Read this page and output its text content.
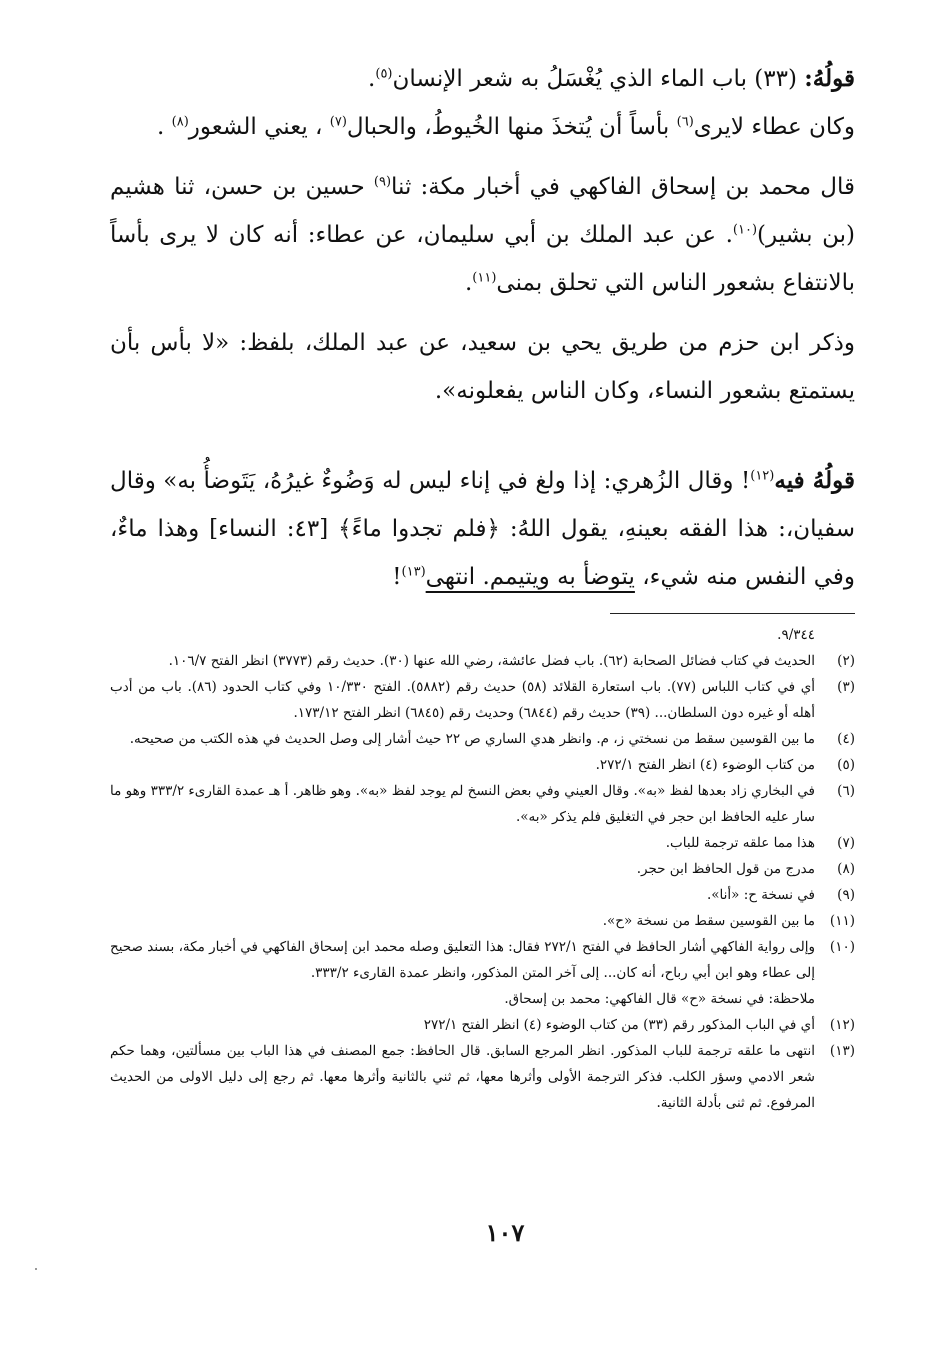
قولُهُ: (٣٣) باب الماء الذي يُغْسَلُ به شعر الإنسان$^{(٥)}$.
وكان عطاء لايرى$^{(٦)}$ بأساً أن يُتخذَ منها الخُيوطُ، والحبال$^{(٧)}$ ، يعني الشعور$^{(٨)}$ .

قال محمد بن إسحاق الفاكهي في أخبار مكة: ثنا$^{(٩)}$ حسين بن حسن، ثنا هشيم (بن بشير)$^{(١٠)}$. عن عبد الملك بن أبي سليمان، عن عطاء: أنه كان لا يرى بأساً بالانتفاع بشعور الناس التي تحلق بمنى$^{(١١)}$.

وذكر ابن حزم من طريق يحي بن سعيد، عن عبد الملك، بلفظ: «لا بأس بأن يستمتع بشعور النساء، وكان الناس يفعلونه».

قولُهُ فيه$^{(١٢)}$! وقال الزُهري: إذا ولغ في إناء ليس له وَضُوءٌ غيرُهُ، يَتَوضأُ به» وقال سفيان،: هذا الفقه بعينهِ، يقول اللهُ: ﴿فلم تجدوا ماءً﴾ [٤٣: النساء] وهذا ماءٌ، وفي النفس منه شيء، يتوضأ به ويتيمم. انتهى$^{(١٣)}$!

٩/٣٤٤.
(٢)
الحديث في كتاب فضائل الصحابة (٦٢). باب فضل عائشة، رضي الله عنها (٣٠). حديث رقم (٣٧٧٣) انظر الفتح ١٠٦/٧.
(٣)
أي في كتاب اللباس (٧٧). باب استعارة القلائد (٥٨) حديث رقم (٥٨٨٢). الفتح ١٠/٣٣٠ وفي كتاب الحدود (٨٦). باب من أدب أهله أو غيره دون السلطان... (٣٩) حديث رقم (٦٨٤٤) وحديث رقم (٦٨٤٥) انظر الفتح ١٧٣/١٢.
(٤)
ما بين القوسين سقط من نسختي ز، م. وانظر هدي الساري ص ٢٢ حيث أشار إلى وصل الحديث في هذه الكتب من صحيحه.
(٥)
من كتاب الوضوء (٤) انظر الفتح ٢٧٢/١.
(٦)
في البخاري زاد بعدها لفظ «به». وقال العيني وفي بعض النسخ لم يوجد لفظ «به». وهو ظاهر. أ هـ عمدة القارىء ٣٣٣/٢ وهو ما سار عليه الحافظ ابن حجر في التغليق فلم يذكر «به».
(٧)
هذا مما علقه ترجمة للباب.
(٨)
مدرج من قول الحافظ ابن حجر.
(٩)
في نسخة ح: «أنا».
(١١)
ما بين القوسين سقط من نسخة «ح».
(١٠)
وإلى رواية الفاكهي أشار الحافظ في الفتح ٢٧٢/١ فقال: هذا التعليق وصله محمد ابن إسحاق الفاكهي في أخبار مكة، بسند صحيح إلى عطاء وهو ابن أبي رباح، أنه كان... إلى آخر المتن المذكور، وانظر عمدة القارىء ٣٣٣/٢.
ملاحظة: في نسخة «ح» قال الفاكهي: محمد بن إسحاق.
(١٢)
أي في الباب المذكور رقم (٣٣) من كتاب الوضوء (٤) انظر الفتح ٢٧٢/١
(١٣)
انتهى ما علقه ترجمة للباب المذكور. انظر المرجع السابق. قال الحافظ: جمع المصنف في هذا الباب بين مسألتين، وهما حكم شعر الادمي وسؤر الكلب. فذكر الترجمة الأولى وأثرها معها، ثم ثني بالثانية وأثرها معها. ثم رجع إلى دليل الاولى من الحديث المرفوع. ثم ثنى بأدلة الثانية.
١٠٧
